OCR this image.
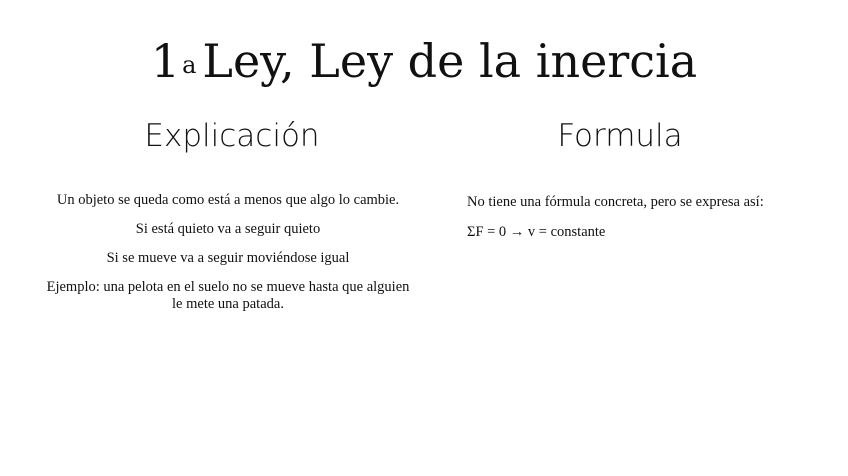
1$^a$ Ley, Ley de la inercia
Explicación	Formula

Un objeto se queda como está a menos que algo lo cambie.

Si está quieto va a seguir quieto

Si se mueve va a seguir moviéndose igual

Ejemplo: una pelota en el suelo no se mueve hasta que alguien le mete una patada.

No tiene una fórmula concreta, pero se expresa así:

ΣF = 0 → v = constante
